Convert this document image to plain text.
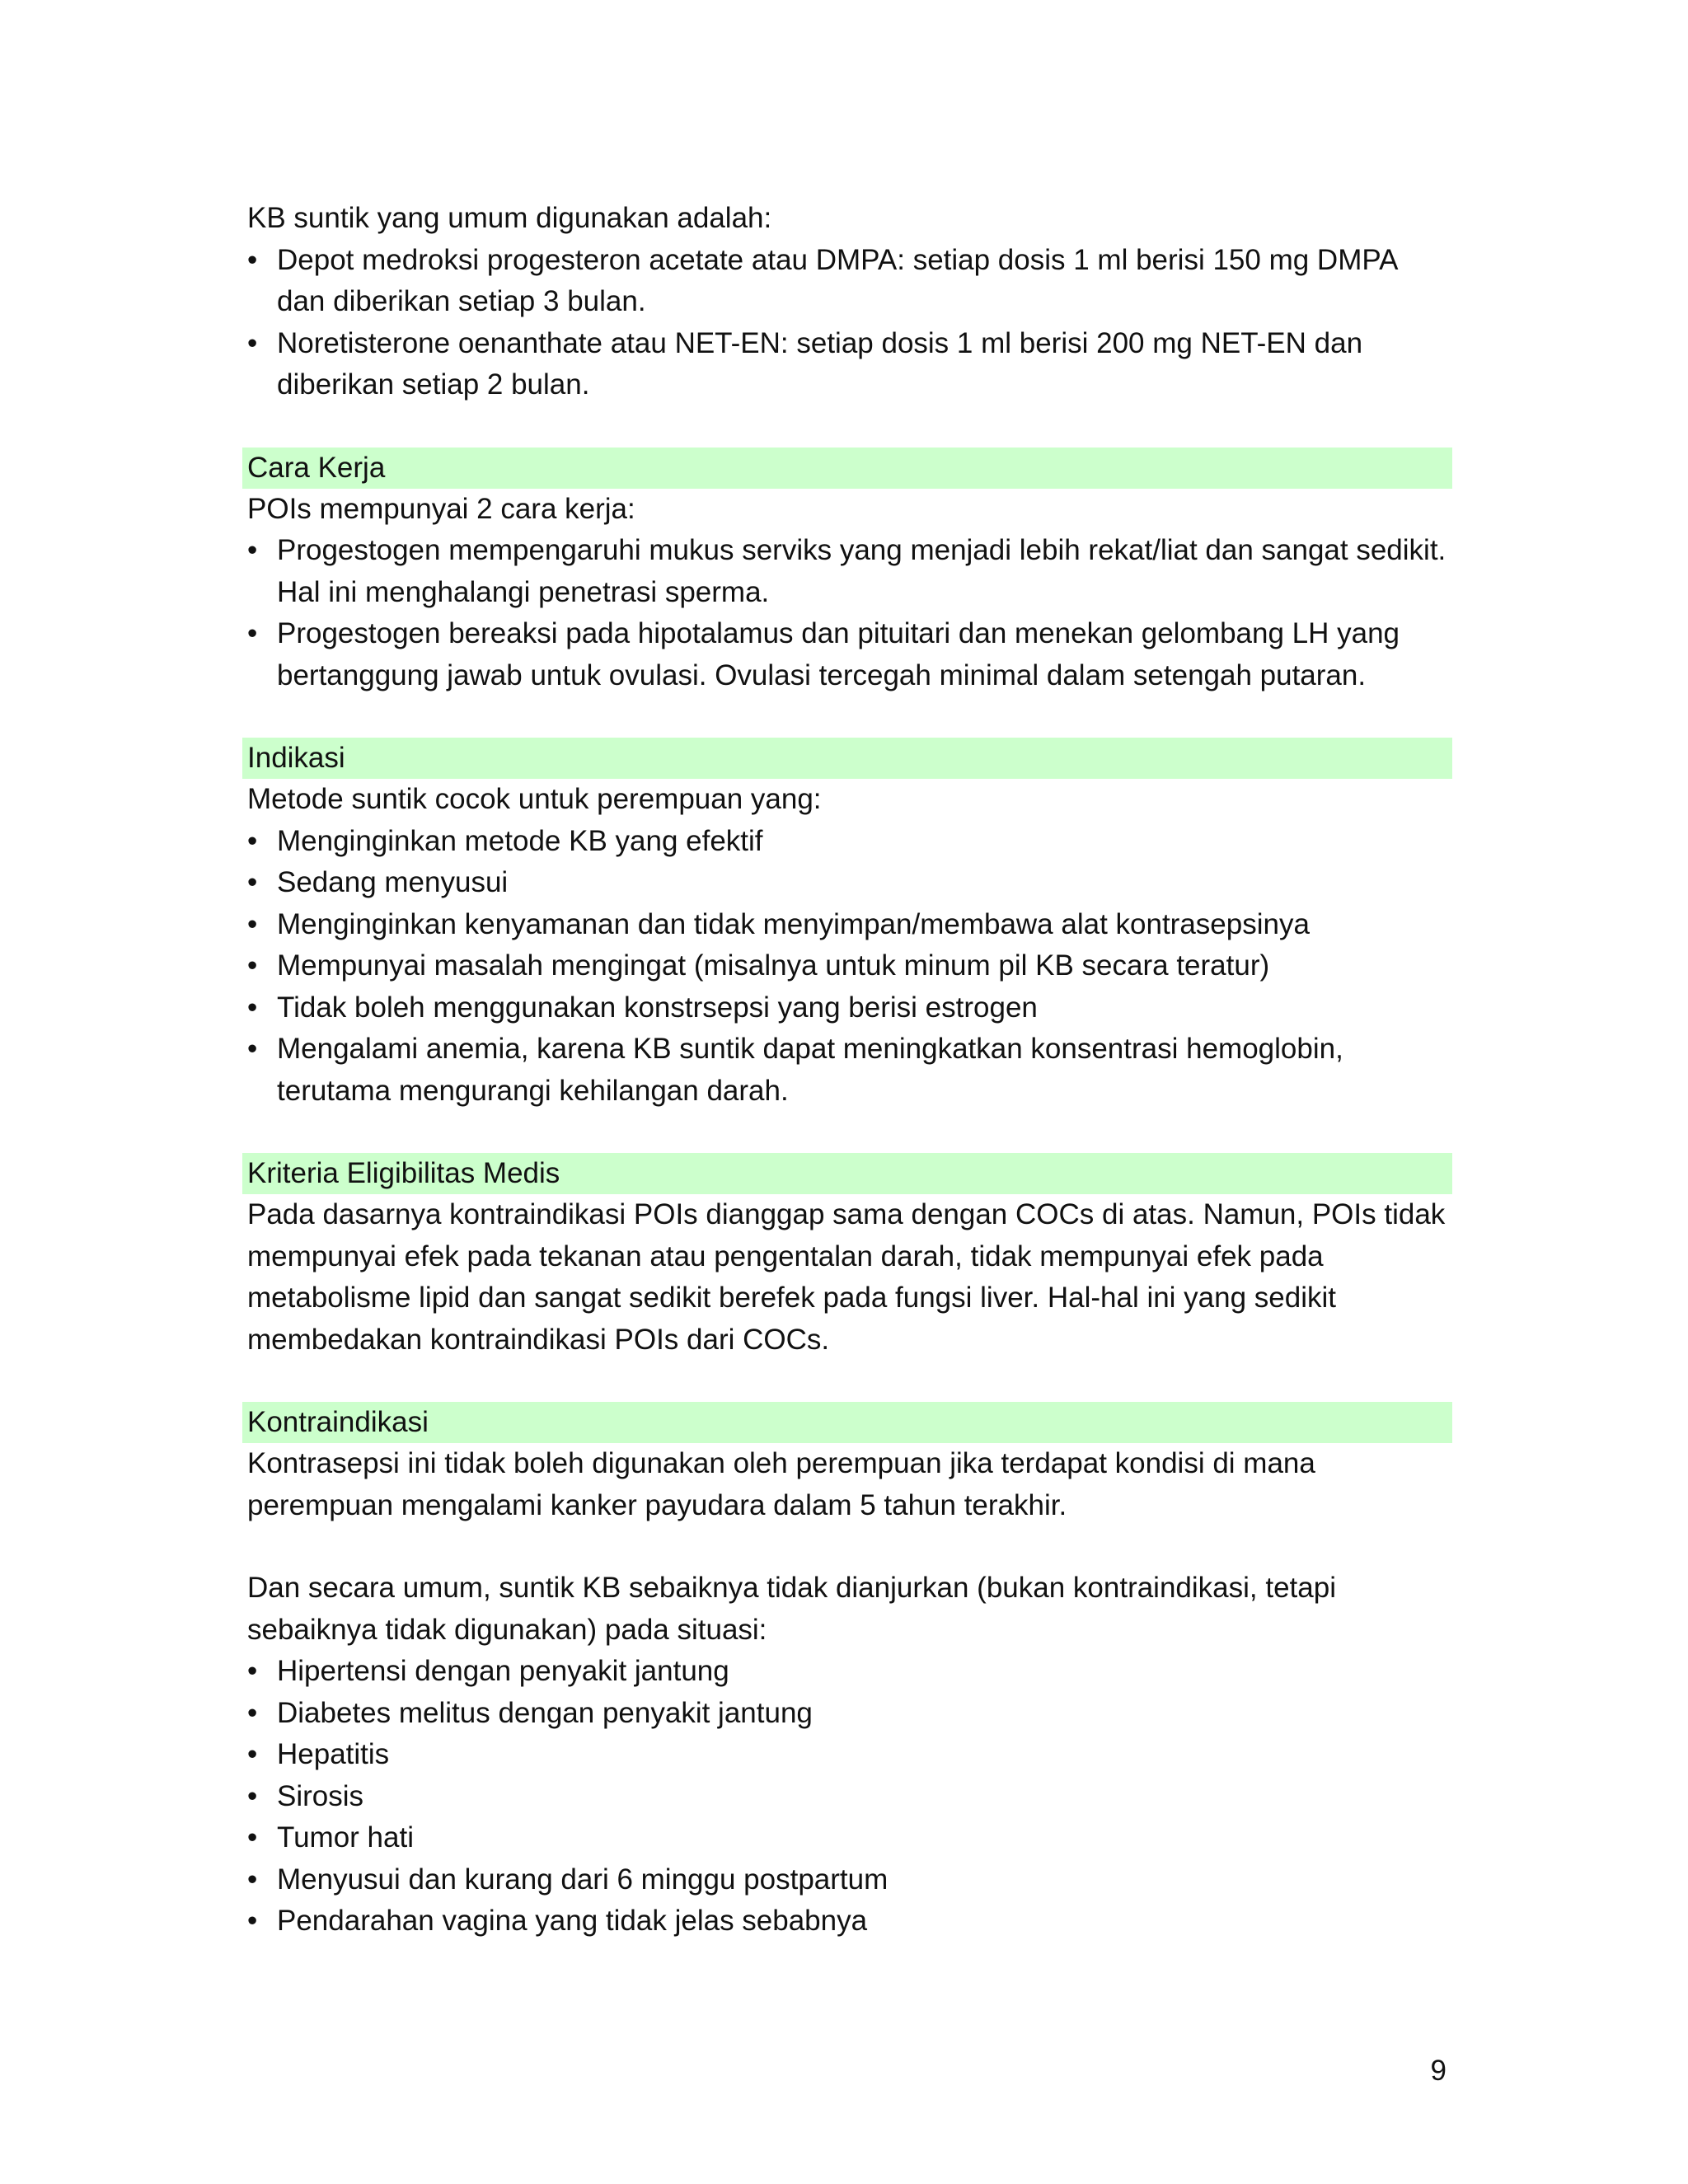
KB suntik yang umum digunakan adalah:

• Depot medroksi progesteron acetate atau DMPA: setiap dosis 1 ml berisi 150 mg DMPA dan diberikan setiap 3 bulan.
• Noretisterone oenanthate atau NET-EN: setiap dosis 1 ml berisi 200 mg NET-EN dan diberikan setiap 2 bulan.
Cara Kerja

POIs mempunyai 2 cara kerja:

• Progestogen mempengaruhi mukus serviks yang menjadi lebih rekat/liat dan sangat sedikit. Hal ini menghalangi penetrasi sperma.
• Progestogen bereaksi pada hipotalamus dan pituitari dan menekan gelombang LH yang bertanggung jawab untuk ovulasi. Ovulasi tercegah minimal dalam setengah putaran.
Indikasi

Metode suntik cocok untuk perempuan yang:

• Menginginkan metode KB yang efektif
• Sedang menyusui
• Menginginkan kenyamanan dan tidak menyimpan/membawa alat kontrasepsinya
• Mempunyai masalah mengingat (misalnya untuk minum pil KB secara teratur)
• Tidak boleh menggunakan konstrsepsi yang berisi estrogen
• Mengalami anemia, karena KB suntik dapat meningkatkan konsentrasi hemoglobin, terutama mengurangi kehilangan darah.
Kriteria Eligibilitas Medis

Pada dasarnya kontraindikasi POIs dianggap sama dengan COCs di atas. Namun, POIs tidak mempunyai efek pada tekanan atau pengentalan darah, tidak mempunyai efek pada metabolisme lipid dan sangat sedikit berefek pada fungsi liver. Hal-hal ini yang sedikit membedakan kontraindikasi POIs dari COCs.

Kontraindikasi

Kontrasepsi ini tidak boleh digunakan oleh perempuan jika terdapat kondisi di mana perempuan mengalami kanker payudara dalam 5 tahun terakhir.

Dan secara umum, suntik KB sebaiknya tidak dianjurkan (bukan kontraindikasi, tetapi sebaiknya tidak digunakan) pada situasi:

• Hipertensi dengan penyakit jantung
• Diabetes melitus dengan penyakit jantung
• Hepatitis
• Sirosis
• Tumor hati
• Menyusui dan kurang dari 6 minggu postpartum
• Pendarahan vagina yang tidak jelas sebabnya
9
